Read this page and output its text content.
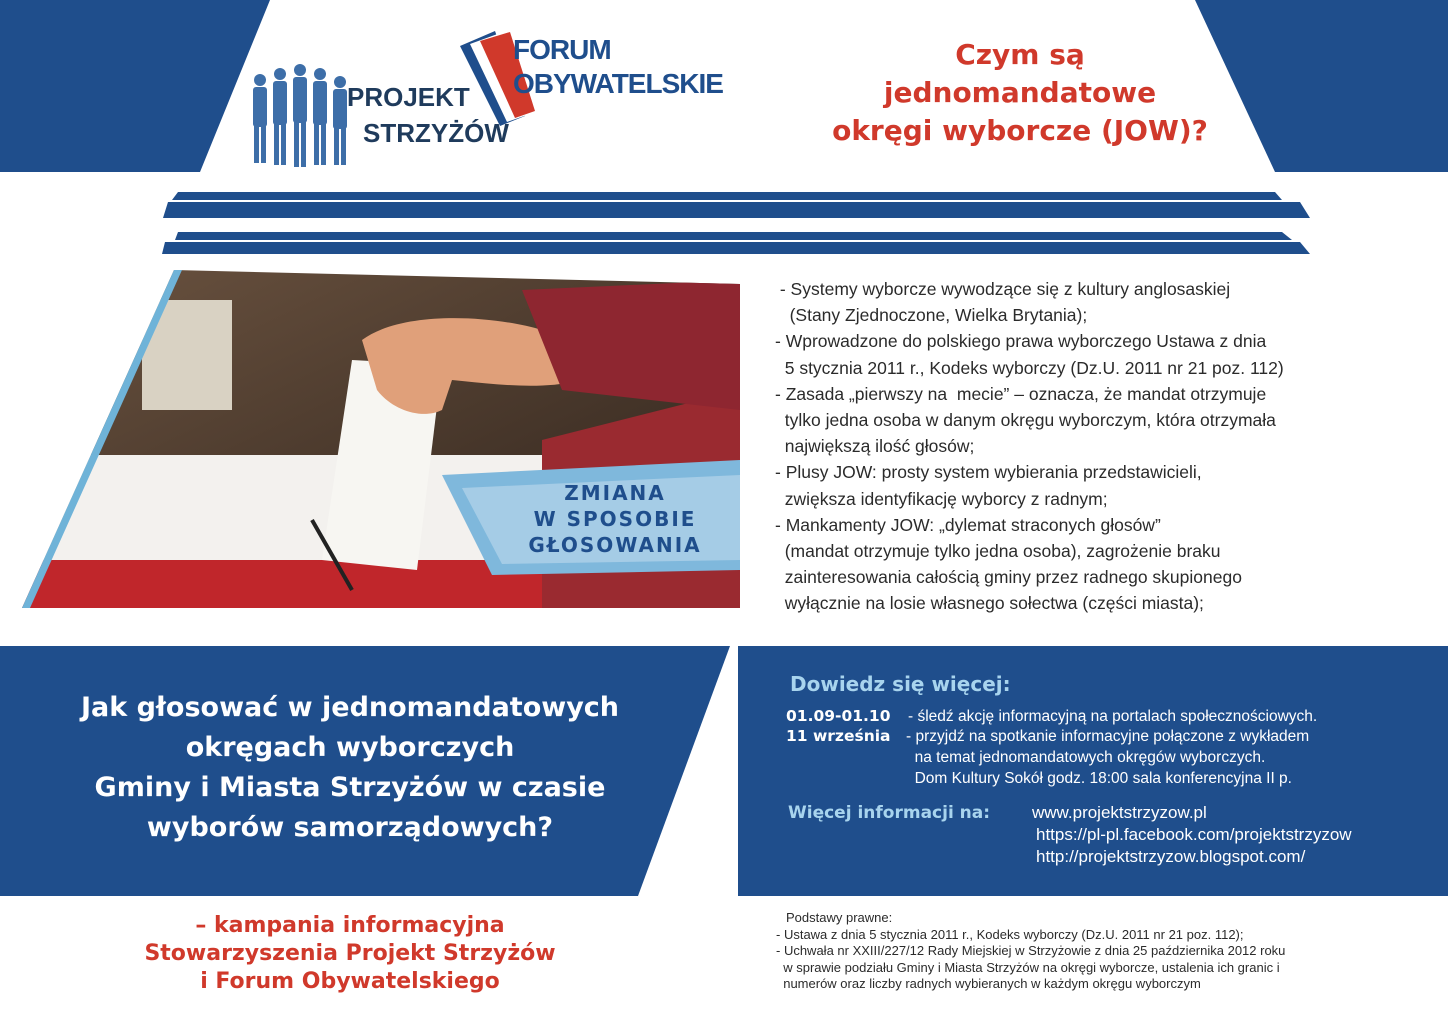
FORUM
OBYWATELSKIE
PROJEKT
STRZYŻÓW
Czym są
jednomandatowe
okręgi wyborcze (JOW)?
ZMIANA
W SPOSOBIE
GŁOSOWANIA
- Systemy wyborcze wywodzące się z kultury anglosaskiej
(Stany Zjednoczone, Wielka Brytania);
- Wprowadzone do polskiego prawa wyborczego Ustawa z dnia
5 stycznia 2011 r., Kodeks wyborczy (Dz.U. 2011 nr 21 poz. 112)
- Zasada „pierwszy na  mecie” – oznacza, że mandat otrzymuje
tylko jedna osoba w danym okręgu wyborczym, która otrzymała
największą ilość głosów;
- Plusy JOW: prosty system wybierania przedstawicieli,
zwiększa identyfikację wyborcy z radnym;
- Mankamenty JOW: „dylemat straconych głosów”
(mandat otrzymuje tylko jedna osoba), zagrożenie braku
zainteresowania całością gminy przez radnego skupionego
wyłącznie na losie własnego sołectwa (części miasta);
Jak głosować w jednomandatowych
okręgach wyborczych
Gminy i Miasta Strzyżów w czasie
wyborów samorządowych?
– kampania informacyjna
Stowarzyszenia Projekt Strzyżów
i Forum Obywatelskiego
Dowiedz się więcej:
01.09-01.10 - śledź akcję informacyjną na portalach społecznościowych.
11 września - przyjdź na spotkanie informacyjne połączone z wykładem
na temat jednomandatowych okręgów wyborczych.
Dom Kultury Sokół godz. 18:00 sala konferencyjna II p.
Więcej informacji na: www.projektstrzyzow.pl
https://pl-pl.facebook.com/projektstrzyzow
http://projektstrzyzow.blogspot.com/
Podstawy prawne:
- Ustawa z dnia 5 stycznia 2011 r., Kodeks wyborczy (Dz.U. 2011 nr 21 poz. 112);
- Uchwała nr XXIII/227/12 Rady Miejskiej w Strzyżowie z dnia 25 października 2012 roku
w sprawie podziału Gminy i Miasta Strzyżów na okręgi wyborcze, ustalenia ich granic i
numerów oraz liczby radnych wybieranych w każdym okręgu wyborczym
